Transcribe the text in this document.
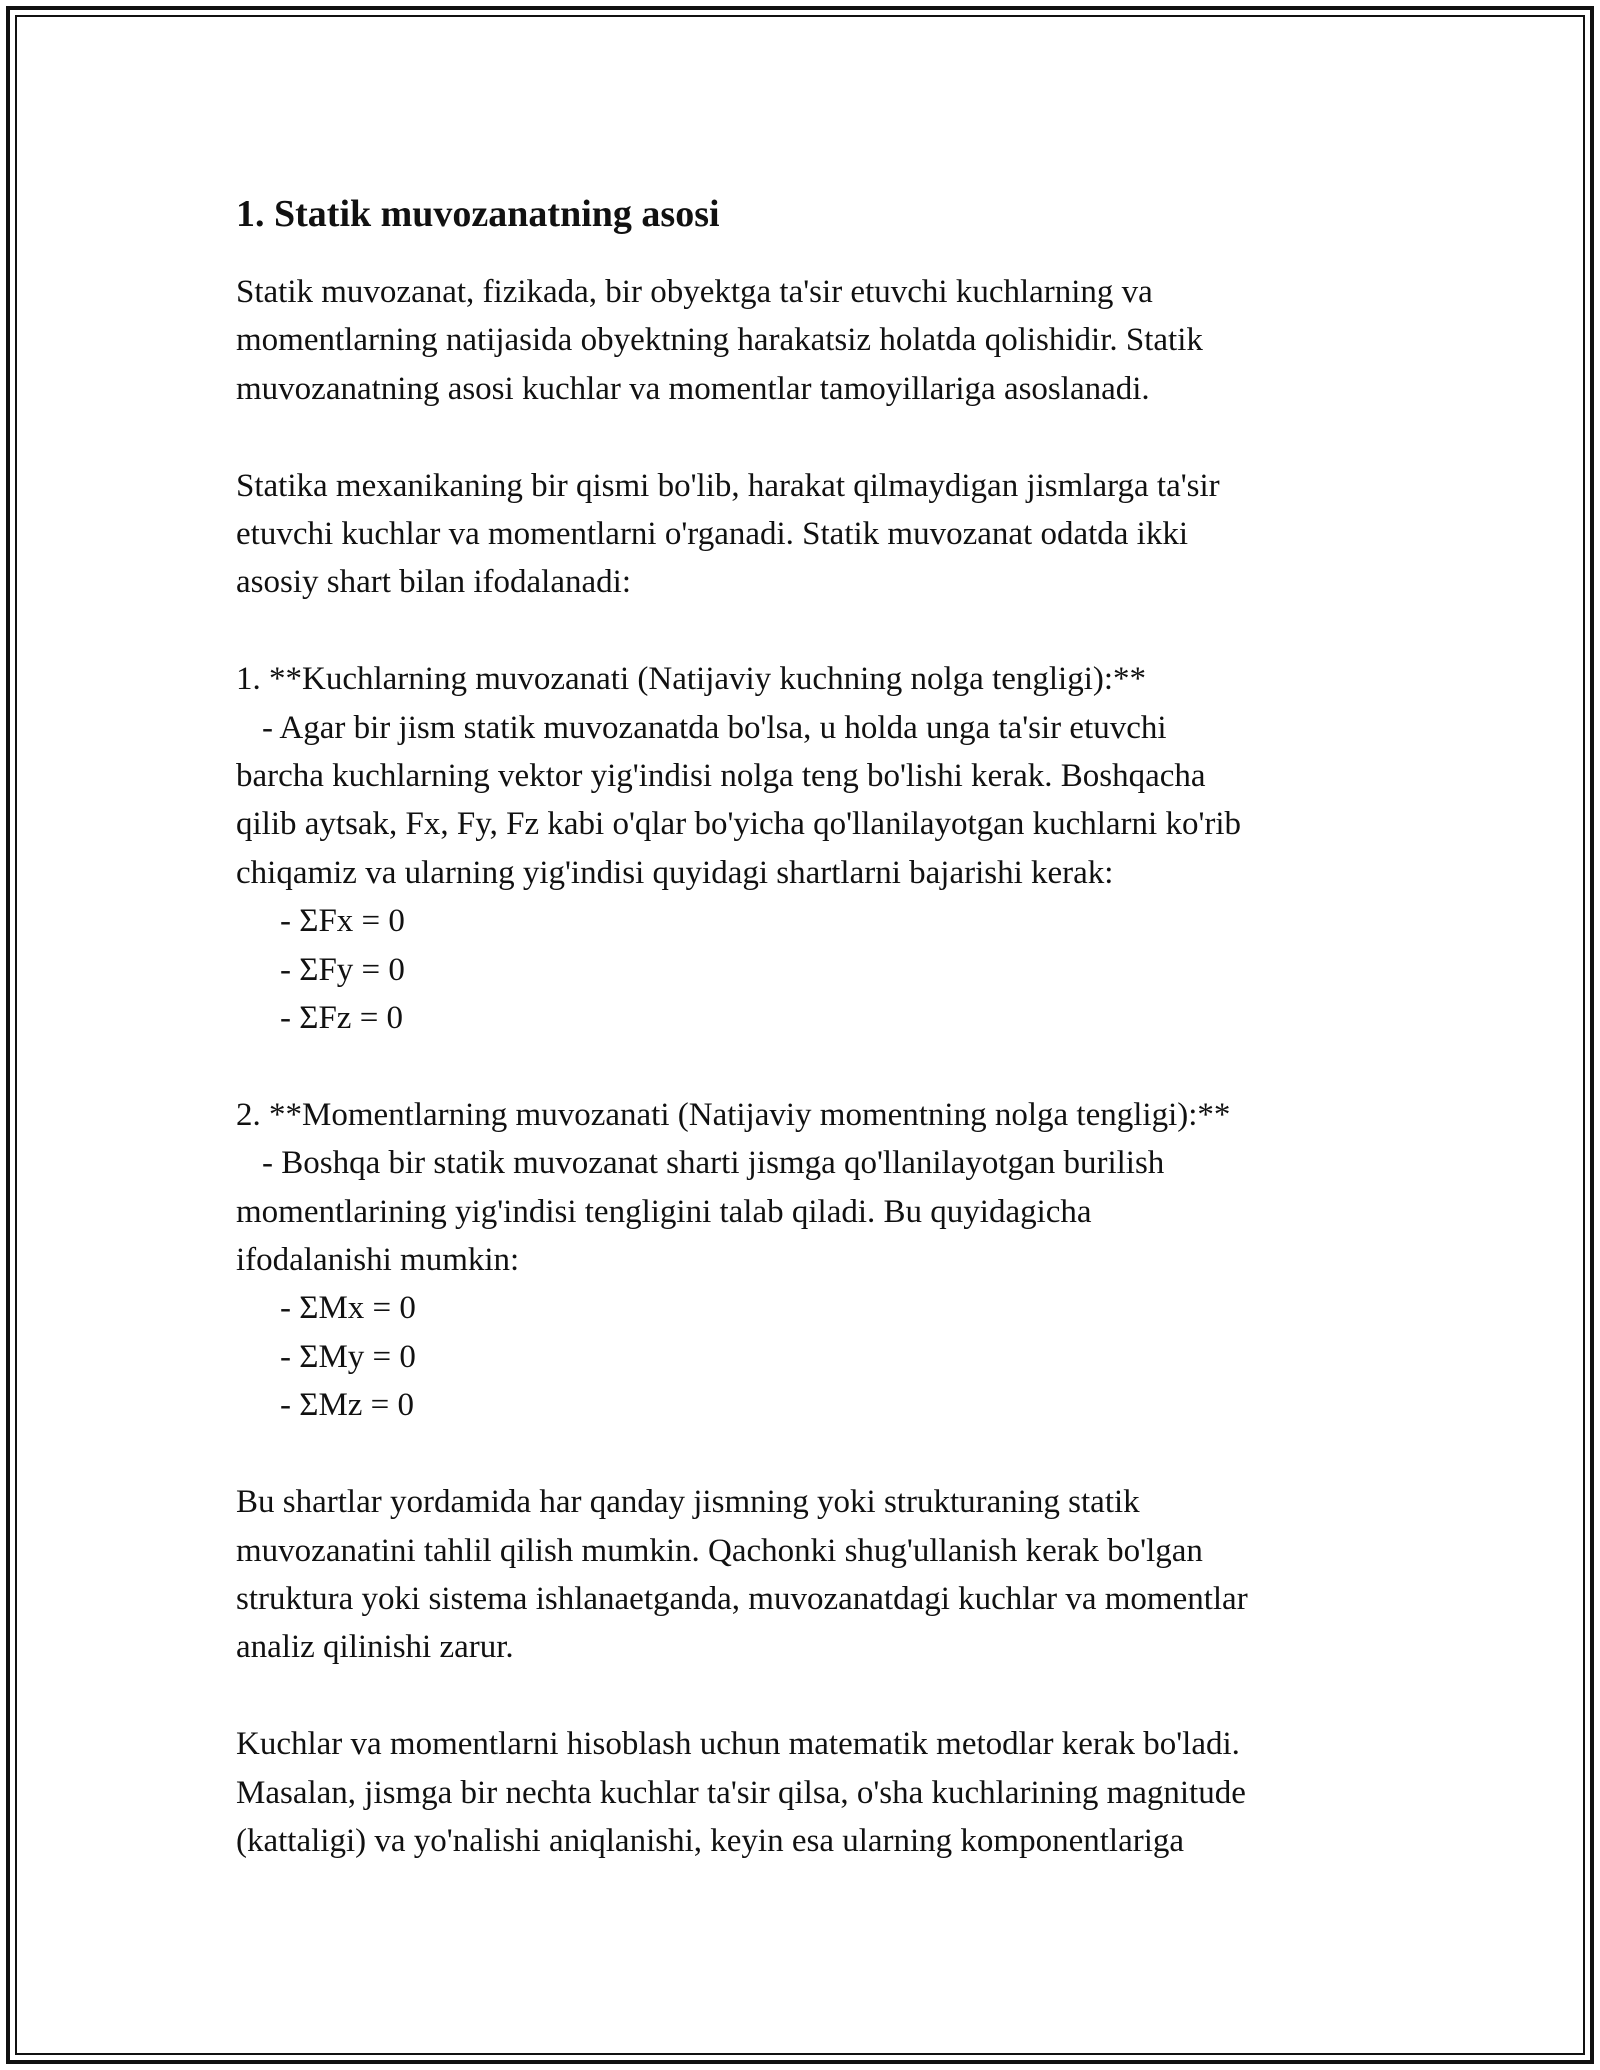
1. Statik muvozanatning asosi
Statik muvozanat, fizikada, bir obyektga ta'sir etuvchi kuchlarning va
momentlarning natijasida obyektning harakatsiz holatda qolishidir. Statik
muvozanatning asosi kuchlar va momentlar tamoyillariga asoslanadi.
Statika mexanikaning bir qismi bo'lib, harakat qilmaydigan jismlarga ta'sir
etuvchi kuchlar va momentlarni o'rganadi. Statik muvozanat odatda ikki
asosiy shart bilan ifodalanadi:
1. **Kuchlarning muvozanati (Natijaviy kuchning nolga tengligi):**
- Agar bir jism statik muvozanatda bo'lsa, u holda unga ta'sir etuvchi
barcha kuchlarning vektor yig'indisi nolga teng bo'lishi kerak. Boshqacha
qilib aytsak, Fx, Fy, Fz kabi o'qlar bo'yicha qo'llanilayotgan kuchlarni ko'rib
chiqamiz va ularning yig'indisi quyidagi shartlarni bajarishi kerak:
- ΣFx = 0
- ΣFy = 0
- ΣFz = 0
2. **Momentlarning muvozanati (Natijaviy momentning nolga tengligi):**
- Boshqa bir statik muvozanat sharti jismga qo'llanilayotgan burilish
momentlarining yig'indisi tengligini talab qiladi. Bu quyidagicha
ifodalanishi mumkin:
- ΣMx = 0
- ΣMy = 0
- ΣMz = 0
Bu shartlar yordamida har qanday jismning yoki strukturaning statik
muvozanatini tahlil qilish mumkin. Qachonki shug'ullanish kerak bo'lgan
struktura yoki sistema ishlanaetganda, muvozanatdagi kuchlar va momentlar
analiz qilinishi zarur.
Kuchlar va momentlarni hisoblash uchun matematik metodlar kerak bo'ladi.
Masalan, jismga bir nechta kuchlar ta'sir qilsa, o'sha kuchlarining magnitude
(kattaligi) va yo'nalishi aniqlanishi, keyin esa ularning komponentlariga
